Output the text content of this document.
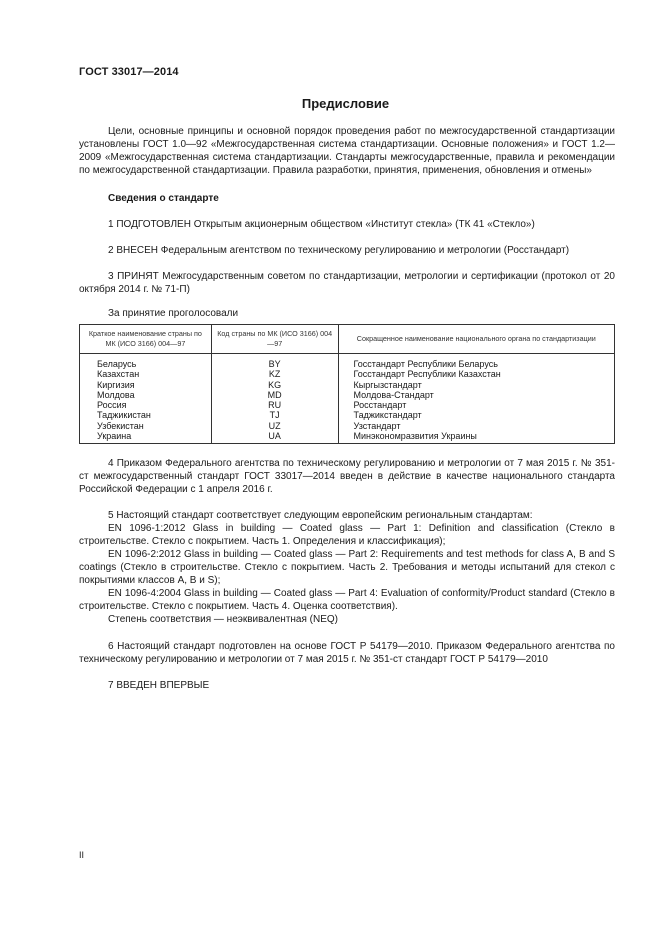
ГОСТ 33017—2014
Предисловие

Цели, основные принципы и основной порядок проведения работ по межгосударственной стандартизации установлены ГОСТ 1.0—92 «Межгосударственная система стандартизации. Основные положения» и ГОСТ 1.2—2009 «Межгосударственная система стандартизации. Стандарты межгосударственные, правила и рекомендации по межгосударственной стандартизации. Правила разработки, принятия, применения, обновления и отмены»

Сведения о стандарте

1 ПОДГОТОВЛЕН Открытым акционерным обществом «Институт стекла» (ТК 41 «Стекло»)

2 ВНЕСЕН Федеральным агентством по техническому регулированию и метрологии (Росстандарт)

3 ПРИНЯТ Межгосударственным советом по стандартизации, метрологии и сертификации (протокол от 20 октября 2014 г. № 71-П)

За принятие проголосовали

Краткое наименование страны по МК (ИСО 3166) 004—97	Код страны по МК (ИСО 3166) 004—97	Сокращенное наименование национального органа по стандартизации
Беларусь	BY	Госстандарт Республики Беларусь
Казахстан	KZ	Госстандарт Республики Казахстан
Киргизия	KG	Кыргызстандарт
Молдова	MD	Молдова-Стандарт
Россия	RU	Росстандарт
Таджикистан	TJ	Таджикстандарт
Узбекистан	UZ	Узстандарт
Украина	UA	Минэкономразвития Украины

4 Приказом Федерального агентства по техническому регулированию и метрологии от 7 мая 2015 г. № 351-ст межгосударственный стандарт ГОСТ 33017—2014 введен в действие в качестве национального стандарта Российской Федерации с 1 апреля 2016 г.

5 Настоящий стандарт соответствует следующим европейским региональным стандартам:

EN 1096-1:2012 Glass in building — Coated glass — Part 1: Definition and classification (Стекло в строительстве. Стекло с покрытием. Часть 1. Определения и классификация);

EN 1096-2:2012 Glass in building — Coated glass — Part 2: Requirements and test methods for class A, B and S coatings (Стекло в строительстве. Стекло с покрытием. Часть 2. Требования и методы испытаний для стекол с покрытиями классов А, В и S);

EN 1096-4:2004 Glass in building — Coated glass — Part 4: Evaluation of conformity/Product standard (Стекло в строительстве. Стекло с покрытием. Часть 4. Оценка соответствия).

Степень соответствия — неэквивалентная (NEQ)

6 Настоящий стандарт подготовлен на основе ГОСТ Р 54179—2010. Приказом Федерального агентства по техническому регулированию и метрологии от 7 мая 2015 г. № 351-ст стандарт ГОСТ Р 54179—2010

7 ВВЕДЕН ВПЕРВЫЕ

II
